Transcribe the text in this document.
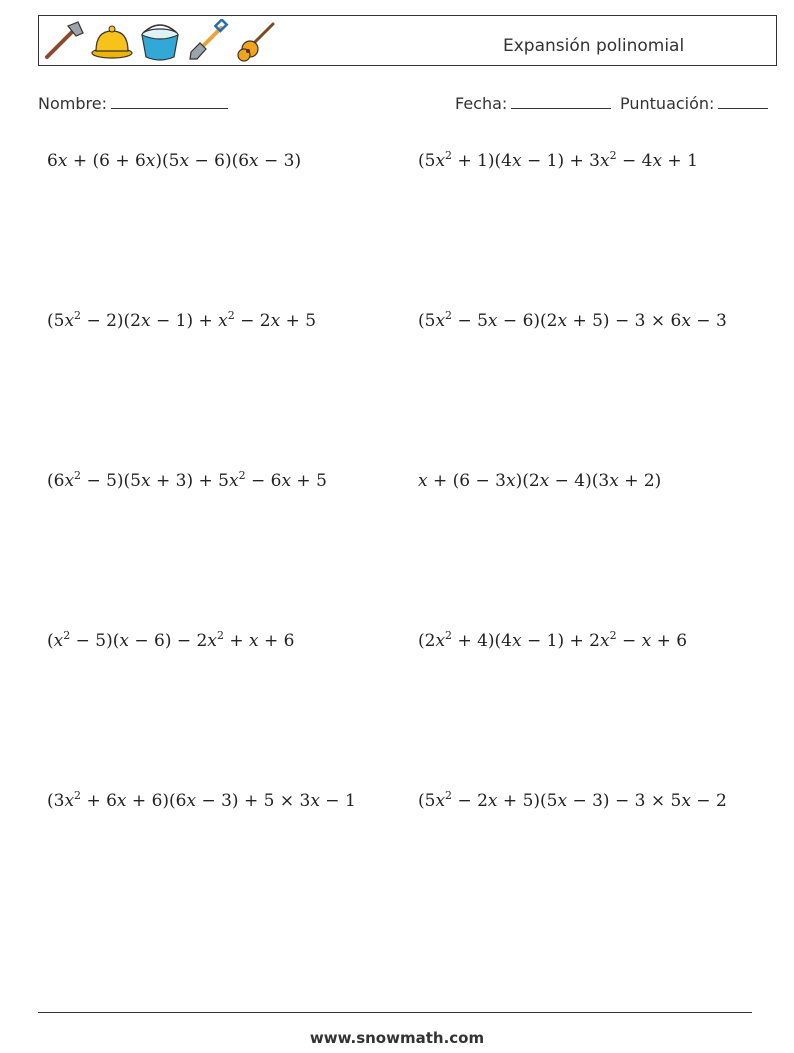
Expansión polinomial
Nombre:	Fecha:	Puntuación:
6x + (6 + 6x)(5x − 6)(6x − 3)	$(5x^2 + 1)(4x - 1) + 3x^2 - 4x + 1$
$(5x^2 - 2)(2x - 1) + x^2 - 2x + 5$	$(5x^2 - 5x - 6)(2x + 5) - 3 \times 6x - 3$
$(6x^2 - 5)(5x + 3) + 5x^2 - 6x + 5$	x + (6 − 3x)(2x − 4)(3x + 2)
$(x^2 - 5)(x - 6) - 2x^2 + x + 6$	$(2x^2 + 4)(4x - 1) + 2x^2 - x + 6$
$(3x^2 + 6x + 6)(6x - 3) + 5 \times 3x - 1$	$(5x^2 - 2x + 5)(5x - 3) - 3 \times 5x - 2$
www.snowmath.com
